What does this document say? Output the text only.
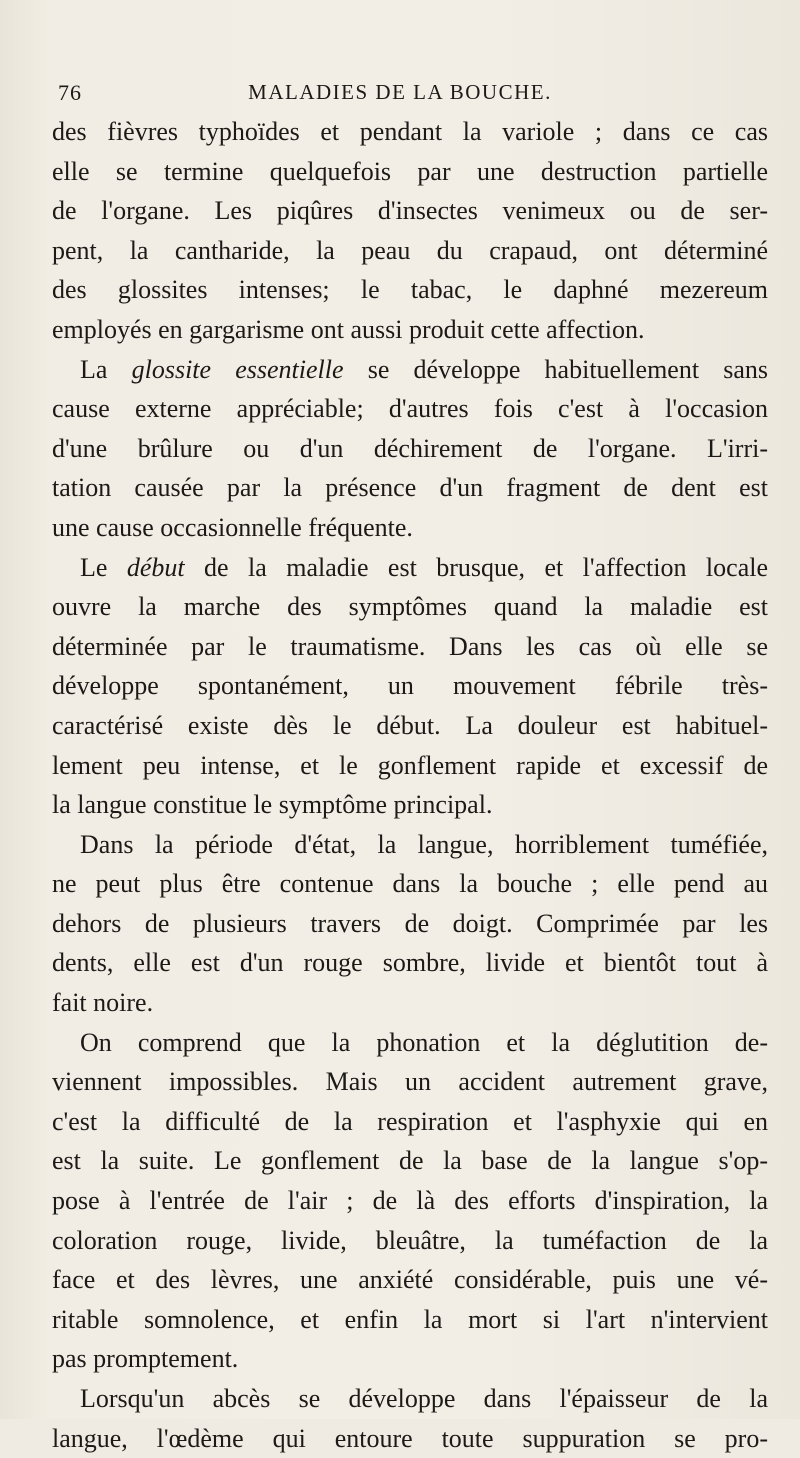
76	MALADIES DE LA BOUCHE.
des fièvres typhoïdes et pendant la variole ; dans ce cas
elle se termine quelquefois par une destruction partielle
de l'organe. Les piqûres d'insectes venimeux ou de ser-
pent, la cantharide, la peau du crapaud, ont déterminé
des glossites intenses; le tabac, le daphné mezereum
employés en gargarisme ont aussi produit cette affection.
La glossite essentielle se développe habituellement sans
cause externe appréciable; d'autres fois c'est à l'occasion
d'une brûlure ou d'un déchirement de l'organe. L'irri-
tation causée par la présence d'un fragment de dent est
une cause occasionnelle fréquente.
Le début de la maladie est brusque, et l'affection locale
ouvre la marche des symptômes quand la maladie est
déterminée par le traumatisme. Dans les cas où elle se
développe spontanément, un mouvement fébrile très-
caractérisé existe dès le début. La douleur est habituel-
lement peu intense, et le gonflement rapide et excessif de
la langue constitue le symptôme principal.
Dans la période d'état, la langue, horriblement tuméfiée,
ne peut plus être contenue dans la bouche ; elle pend au
dehors de plusieurs travers de doigt. Comprimée par les
dents, elle est d'un rouge sombre, livide et bientôt tout à
fait noire.
On comprend que la phonation et la déglutition de-
viennent impossibles. Mais un accident autrement grave,
c'est la difficulté de la respiration et l'asphyxie qui en
est la suite. Le gonflement de la base de la langue s'op-
pose à l'entrée de l'air ; de là des efforts d'inspiration, la
coloration rouge, livide, bleuâtre, la tuméfaction de la
face et des lèvres, une anxiété considérable, puis une vé-
ritable somnolence, et enfin la mort si l'art n'intervient
pas promptement.
Lorsqu'un abcès se développe dans l'épaisseur de la
langue, l'œdème qui entoure toute suppuration se pro-
